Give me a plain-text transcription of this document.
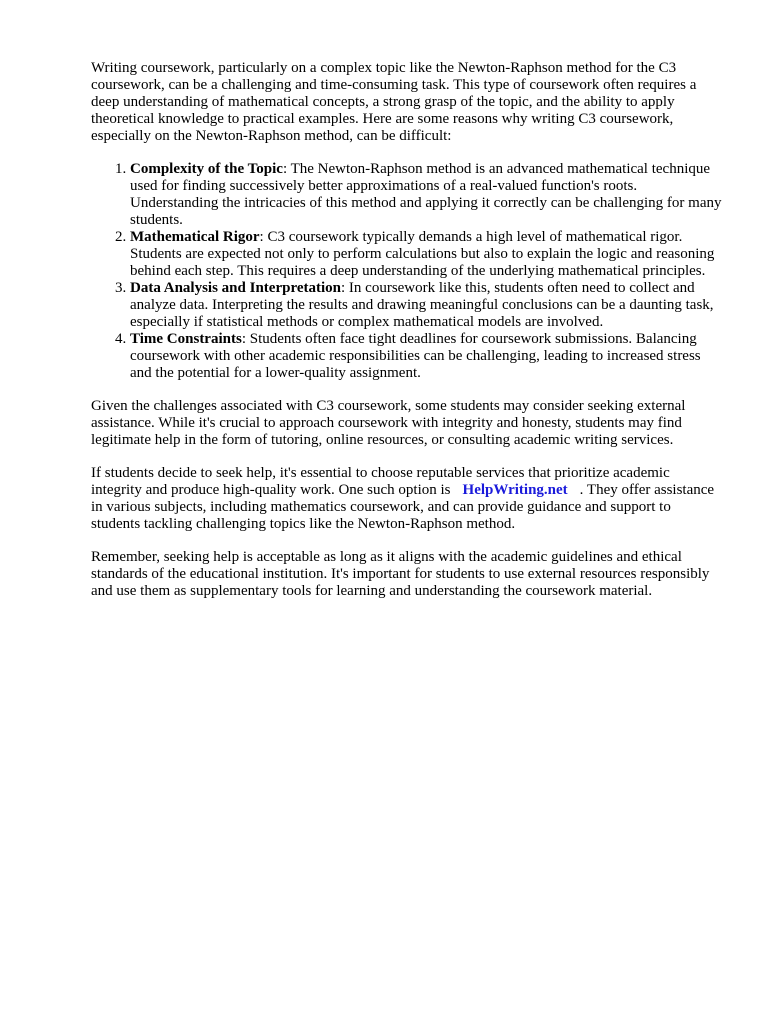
Writing coursework, particularly on a complex topic like the Newton-Raphson method for the C3 coursework, can be a challenging and time-consuming task. This type of coursework often requires a deep understanding of mathematical concepts, a strong grasp of the topic, and the ability to apply theoretical knowledge to practical examples. Here are some reasons why writing C3 coursework, especially on the Newton-Raphson method, can be difficult:

1. Complexity of the Topic: The Newton-Raphson method is an advanced mathematical technique used for finding successively better approximations of a real-valued function's roots. Understanding the intricacies of this method and applying it correctly can be challenging for many students.
2. Mathematical Rigor: C3 coursework typically demands a high level of mathematical rigor. Students are expected not only to perform calculations but also to explain the logic and reasoning behind each step. This requires a deep understanding of the underlying mathematical principles.
3. Data Analysis and Interpretation: In coursework like this, students often need to collect and analyze data. Interpreting the results and drawing meaningful conclusions can be a daunting task, especially if statistical methods or complex mathematical models are involved.
4. Time Constraints: Students often face tight deadlines for coursework submissions. Balancing coursework with other academic responsibilities can be challenging, leading to increased stress and the potential for a lower-quality assignment.

Given the challenges associated with C3 coursework, some students may consider seeking external assistance. While it's crucial to approach coursework with integrity and honesty, students may find legitimate help in the form of tutoring, online resources, or consulting academic writing services.

If students decide to seek help, it's essential to choose reputable services that prioritize academic integrity and produce high-quality work. One such option is HelpWriting.net . They offer assistance in various subjects, including mathematics coursework, and can provide guidance and support to students tackling challenging topics like the Newton-Raphson method.

Remember, seeking help is acceptable as long as it aligns with the academic guidelines and ethical standards of the educational institution. It's important for students to use external resources responsibly and use them as supplementary tools for learning and understanding the coursework material.
